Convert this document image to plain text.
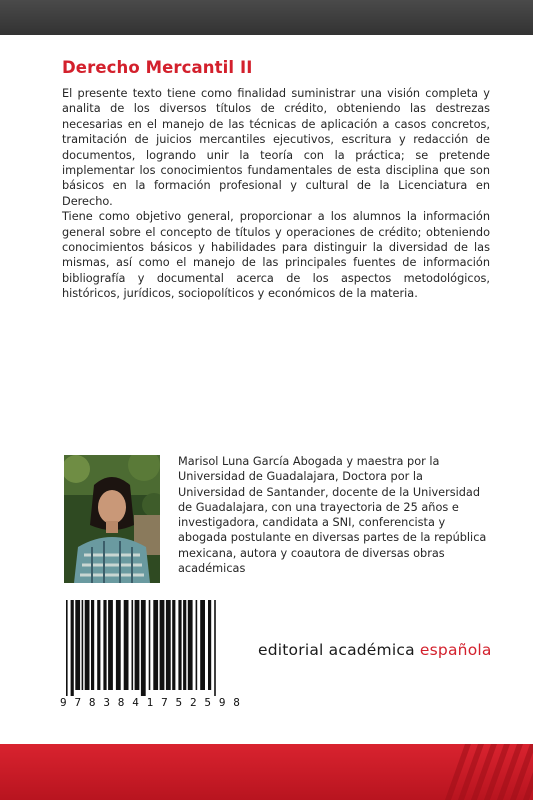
Derecho Mercantil II

El presente texto tiene como finalidad suministrar una visión completa y analita de los diversos títulos de crédito, obteniendo las destrezas necesarias en el manejo de las técnicas de aplicación a casos concretos, tramitación de juicios mercantiles ejecutivos, escritura y redacción de documentos, logrando unir la teoría con la práctica; se pretende implementar los conocimientos fundamentales de esta disciplina que son básicos en la formación profesional y cultural de la Licenciatura en Derecho.

Tiene como objetivo general, proporcionar a los alumnos la información general sobre el concepto de títulos y operaciones de crédito; obteniendo conocimientos básicos y habilidades para distinguir la diversidad de las mismas, así como el manejo de las principales fuentes de información bibliografía y documental acerca de los aspectos metodológicos, históricos, jurídicos, sociopolíticos y económicos de la materia.

Marisol Luna García Abogada y maestra por la Universidad de Guadalajara, Doctora por la Universidad de Santander, docente de la Universidad de Guadalajara, con una trayectoria de 25 años e investigadora, candidata a SNI, conferencista y abogada postulante en diversas partes de la república mexicana, autora y coautora de diversas obras académicas
9 7 8 3 8 4 1 7 5 2 5 9 8
editorial académica española
